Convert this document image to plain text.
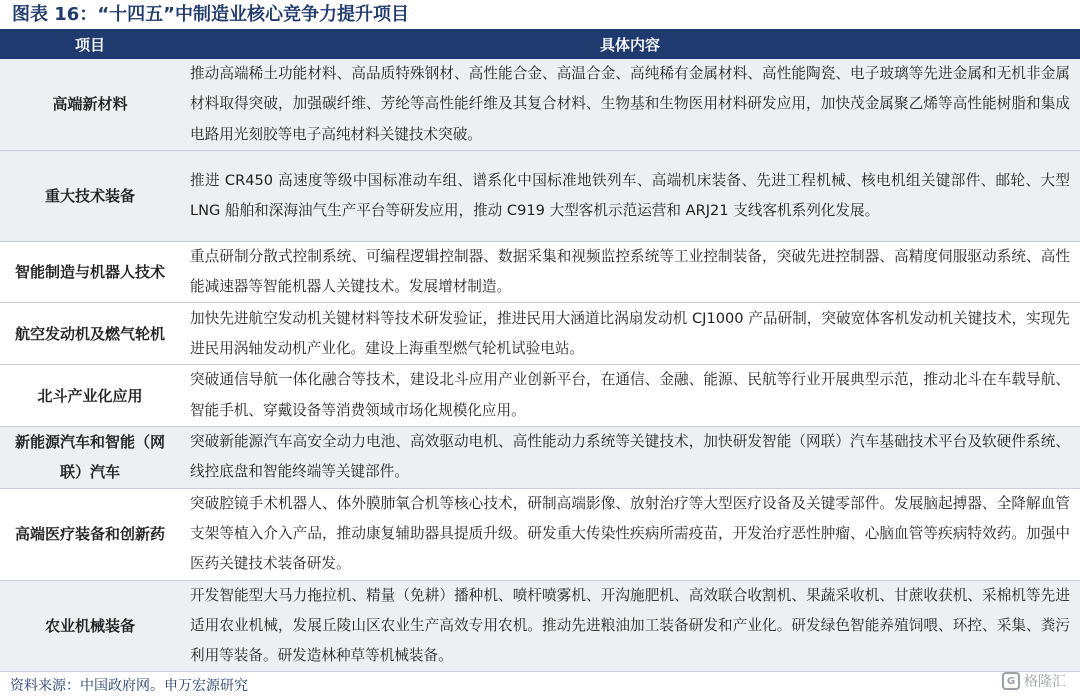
图表 16：“十四五”中制造业核心竞争力提升项目
项目	具体内容
高端新材料	推动高端稀土功能材料、高品质特殊钢材、高性能合金、高温合金、高纯稀有金属材料、高性能陶瓷、电子玻璃等先进金属和无机非金属材料取得突破，加强碳纤维、芳纶等高性能纤维及其复合材料、生物基和生物医用材料研发应用，加快茂金属聚乙烯等高性能树脂和集成电路用光刻胶等电子高纯材料关键技术突破。
重大技术装备	推进 CR450 高速度等级中国标准动车组、谱系化中国标准地铁列车、高端机床装备、先进工程机械、核电机组关键部件、邮轮、大型 LNG 船舶和深海油气生产平台等研发应用，推动 C919 大型客机示范运营和 ARJ21 支线客机系列化发展。
智能制造与机器人技术	重点研制分散式控制系统、可编程逻辑控制器、数据采集和视频监控系统等工业控制装备，突破先进控制器、高精度伺服驱动系统、高性能减速器等智能机器人关键技术。发展增材制造。
航空发动机及燃气轮机	加快先进航空发动机关键材料等技术研发验证，推进民用大涵道比涡扇发动机 CJ1000 产品研制，突破宽体客机发动机关键技术，实现先进民用涡轴发动机产业化。建设上海重型燃气轮机试验电站。
北斗产业化应用	突破通信导航一体化融合等技术，建设北斗应用产业创新平台，在通信、金融、能源、民航等行业开展典型示范，推动北斗在车载导航、智能手机、穿戴设备等消费领域市场化规模化应用。
新能源汽车和智能（网联）汽车	突破新能源汽车高安全动力电池、高效驱动电机、高性能动力系统等关键技术，加快研发智能（网联）汽车基础技术平台及软硬件系统、线控底盘和智能终端等关键部件。
高端医疗装备和创新药	突破腔镜手术机器人、体外膜肺氧合机等核心技术，研制高端影像、放射治疗等大型医疗设备及关键零部件。发展脑起搏器、全降解血管支架等植入介入产品，推动康复辅助器具提质升级。研发重大传染性疾病所需疫苗，开发治疗恶性肿瘤、心脑血管等疾病特效药。加强中医药关键技术装备研发。
农业机械装备	开发智能型大马力拖拉机、精量（免耕）播种机、喷杆喷雾机、开沟施肥机、高效联合收割机、果蔬采收机、甘蔗收获机、采棉机等先进适用农业机械，发展丘陵山区农业生产高效专用农机。推动先进粮油加工装备研发和产业化。研发绿色智能养殖饲喂、环控、采集、粪污利用等装备。研发造林种草等机械装备。
资料来源：中国政府网。申万宏源研究	G 格隆汇
